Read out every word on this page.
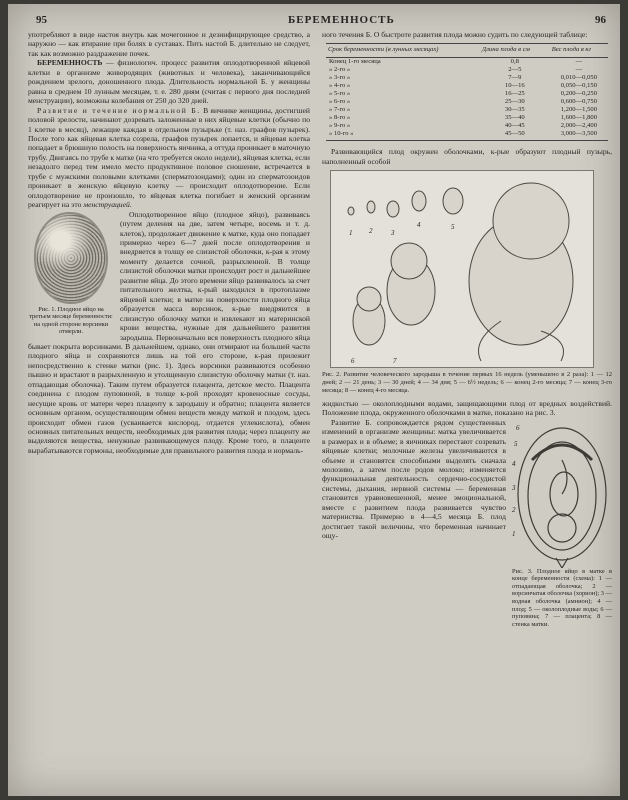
95	БЕРЕМЕННОСТЬ	96

употребляют в виде настоя внутрь как мочегонное и дезинфицирующее средство, а наружно — как втирание при болях в суставах. Пить настой Б. длительно не следует, так как возможно раздражение почек.

БЕРЕМЕННОСТЬ — физиологич. процесс развития оплодотворенной яйцевой клетки в организме живородящих (животных и человека), заканчивающийся рождением зрелого, доношенного плода. Длительность нормальной Б. у женщины равна в среднем 10 лунным месяцам, т. е. 280 дням (считая с первого дня последней менструации), возможны колебания от 250 до 320 дней.

Развитие и течение нормальной Б. В яичнике женщины, достигшей половой зрелости, начинают дозревать заложенные в них яйцевые клетки (обычно по 1 клетке в месяц), лежащие каждая в отдельном пузырьке (т. наз. граафов пузырек). После того как яйцевая клетка созрела, граафов пузырек лопается, и яйцевая клетка попадает в брюшную полость на поверхность яичника, а оттуда проникает в маточную трубу. Двигаясь по трубе к матке (на что требуется около недели), яйцевая клетка, если незадолго перед тем имело место продуктивное половое сношение, встречается в трубе с мужскими половыми клетками (сперматозоидами); один из сперматозоидов проникает в женскую яйцевую клетку — происходит оплодотворение. Если оплодотворение не произошло, то яйцевая клетка погибает и женский организм реагирует на это менструацией.

Рис. 1. Плодное яйцо на третьем месяце беременности: на одной стороне ворсинки отмерли.

Оплодотворенное яйцо (плодное яйцо), развиваясь (путем деления на две, затем четыре, восемь и т. д. клеток), продолжает движение к матке, куда оно попадает примерно через 6—7 дней после оплодотворения и внедряется в толщу ее слизистой оболочки, к-рая к этому моменту делается сочной, разрыхленной. В толще слизистой оболочки матки происходит рост и дальнейшее развитие яйца. До этого времени яйцо развивалось за счет питательного желтка, к-рый находился в протоплазме яйцевой клетки; в матке на поверхности плодного яйца образуется масса ворсинок, к-рые внедряются в слизистую оболочку матки и извлекают из материнской крови вещества, нужные для дальнейшего развития зародыша. Первоначально вся поверхность плодного яйца бывает покрыта ворсинками. В дальнейшем, однако, они отмирают на большей части плодного яйца и сохраняются лишь на той его стороне, к-рая прилежит непосредственно к стенке матки (рис. 1). Здесь ворсинки развиваются особенно пышно и врастают в разрыхленную и утолщенную слизистую оболочку матки (т. наз. отпадающая оболочка). Таким путем образуется плацента, детское место. Плацента соединена с плодом пуповиной, в толще к-рой проходят кровеносные сосуды, несущие кровь от матери через плаценту к зародышу и обратно; плацента является основным органом, осуществляющим обмен веществ между маткой и плодом, здесь происходит обмен газов (усваивается кислород, отдается углекислота), обмен основных питательных веществ, необходимых для развития плода; через плаценту же выделяются вещества, ненужные развивающемуся плоду. Кроме того, в плаценте вырабатываются гормоны, необходимые для правильного развития плода и нормаль-

ного течения Б. О быстроте развития плода можно судить по следующей таблице:

Срок беременности (в лунных месяцах)	Длина плода в см	Вес плода в кг
Конец 1-го месяца	0,8	—
» 2-го »	2—5	—
» 3-го »	7—9	0,010—0,050
» 4-го »	10—16	0,050—0,150
» 5-го »	16—25	0,200—0,250
» 6-го »	25—30	0,600—0,750
» 7-го »	30—35	1,200—1,500
» 8-го »	35—40	1,600—1,800
» 9-го »	40—45	2,000—2,400
» 10-го »	45—50	3,000—3,500

Развивающийся плод окружен оболочками, к-рые образуют плодный пузырь, наполненный особой

1 2	3
4	5
6	7
Рис. 2. Развитие человеческого зародыша в течение первых 16 недель (уменьшено в 2 раза): 1 — 12 дней; 2 — 21 день; 3 — 30 дней; 4 — 34 дня; 5 — 6½ недель; 6 — конец 2-го месяца; 7 — конец 3-го месяца; 8 — конец 4-го месяца.

жидкостью — околоплодными водами, защищающими плод от вредных воздействий. Положение плода, окруженного оболочками в матке, показано на рис. 3.

6
5
4
3
2
1
Рис. 3. Плодное яйцо в матке в конце беременности (схема): 1 — отпадающая оболочка; 2 — ворсинчатая оболочка (хорион); 3 — водная оболочка (амнион); 4 — плод; 5 — околоплодные воды; 6 — пуповина; 7 — плацента; 8 — стенка матки.

Развитие Б. сопровождается рядом существенных изменений в организме женщины: матка увеличивается в размерах и в объеме; в яичниках перестают созревать яйцевые клетки; молочные железы увеличиваются в объеме и становятся способными выделять сначала молозиво, а затем после родов молоко; изменяется функциональная деятельность сердечно-сосудистой системы, дыхания, нервной системы — беременная становится уравновешенной, менее эмоциональной, вместе с развитием плода развивается чувство материнства. Примерно в 4—4,5 месяца Б. плод достигает такой величины, что беременная начинает ощу-
